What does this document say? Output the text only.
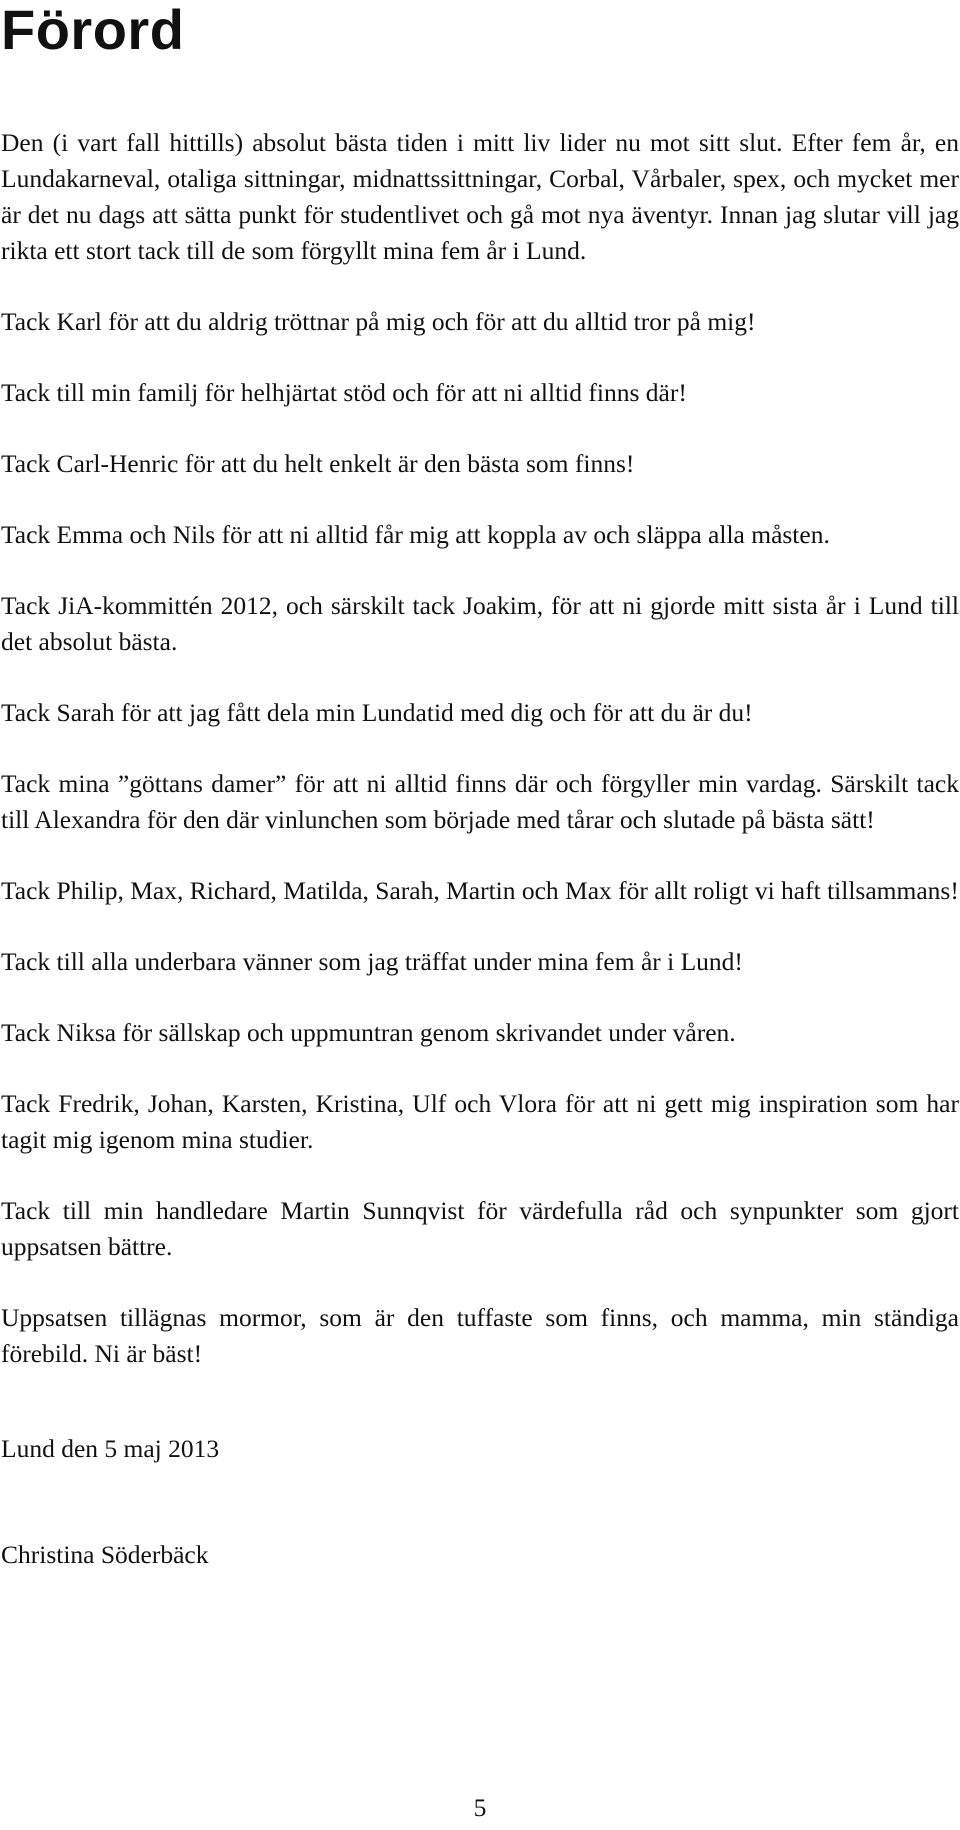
Förord

Den (i vart fall hittills) absolut bästa tiden i mitt liv lider nu mot sitt slut. Efter fem år, en Lundakarneval, otaliga sittningar, midnattssittningar, Corbal, Vårbaler, spex, och mycket mer är det nu dags att sätta punkt för studentlivet och gå mot nya äventyr. Innan jag slutar vill jag rikta ett stort tack till de som förgyllt mina fem år i Lund.

Tack Karl för att du aldrig tröttnar på mig och för att du alltid tror på mig!

Tack till min familj för helhjärtat stöd och för att ni alltid finns där!

Tack Carl-Henric för att du helt enkelt är den bästa som finns!

Tack Emma och Nils för att ni alltid får mig att koppla av och släppa alla måsten.

Tack JiA-kommittén 2012, och särskilt tack Joakim, för att ni gjorde mitt sista år i Lund till det absolut bästa.

Tack Sarah för att jag fått dela min Lundatid med dig och för att du är du!

Tack mina ”göttans damer” för att ni alltid finns där och förgyller min vardag. Särskilt tack till Alexandra för den där vinlunchen som började med tårar och slutade på bästa sätt!

Tack Philip, Max, Richard, Matilda, Sarah, Martin och Max för allt roligt vi haft tillsammans!

Tack till alla underbara vänner som jag träffat under mina fem år i Lund!

Tack Niksa för sällskap och uppmuntran genom skrivandet under våren.

Tack Fredrik, Johan, Karsten, Kristina, Ulf och Vlora för att ni gett mig inspiration som har tagit mig igenom mina studier.

Tack till min handledare Martin Sunnqvist för värdefulla råd och synpunkter som gjort uppsatsen bättre.

Uppsatsen tillägnas mormor, som är den tuffaste som finns, och mamma, min ständiga förebild. Ni är bäst!

Lund den 5 maj 2013

Christina Söderbäck

5
